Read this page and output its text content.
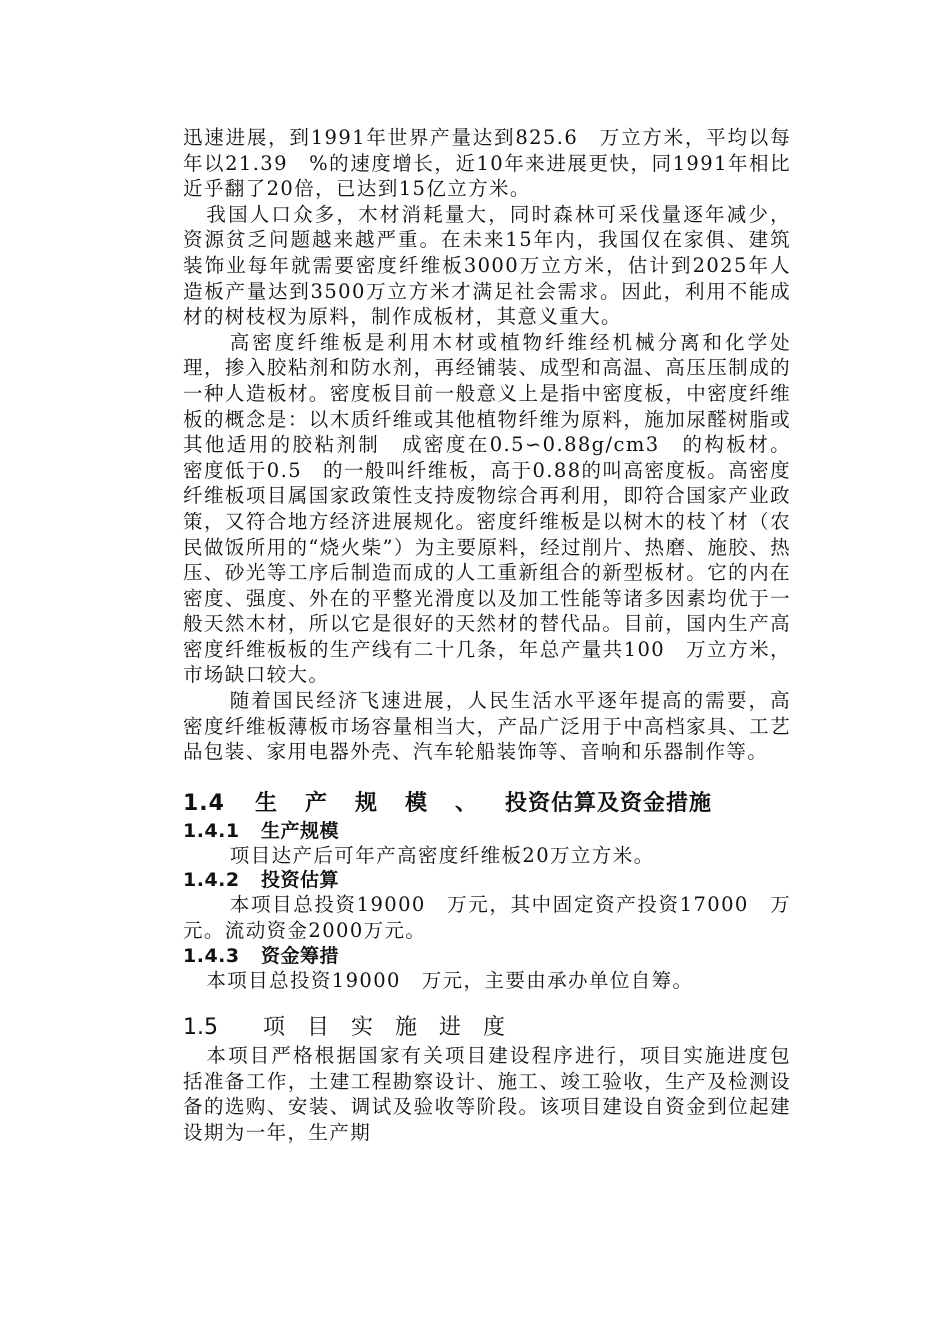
迅速进展，到1991年世界产量达到825.6　万立方米，平均以每年以21.39　%的速度增长，近10年来进展更快，同1991年相比近乎翻了20倍，已达到15亿立方米。

我国人口众多，木材消耗量大，同时森林可采伐量逐年减少，资源贫乏问题越来越严重。在未来15年内，我国仅在家俱、建筑装饰业每年就需要密度纤维板3000万立方米，估计到2025年人造板产量达到3500万立方米才满足社会需求。因此，利用不能成材的树枝杈为原料，制作成板材，其意义重大。

高密度纤维板是利用木材或植物纤维经机械分离和化学处理，掺入胶粘剂和防水剂，再经铺装、成型和高温、高压压制成的一种人造板材。密度板目前一般意义上是指中密度板，中密度纤维板的概念是：以木质纤维或其他植物纤维为原料，施加尿醛树脂或其他适用的胶粘剂制　成密度在0.5∽0.88g/cm3　的构板材。密度低于0.5　的一般叫纤维板，高于0.88的叫高密度板。高密度纤维板项目属国家政策性支持废物综合再利用，即符合国家产业政策，又符合地方经济进展规化。密度纤维板是以树木的枝丫材（农民做饭所用的“烧火柴”）为主要原料，经过削片、热磨、施胶、热压、砂光等工序后制造而成的人工重新组合的新型板材。它的内在密度、强度、外在的平整光滑度以及加工性能等诸多因素均优于一般天然木材，所以它是很好的天然材的替代品。目前，国内生产高密度纤维板板的生产线有二十几条，年总产量共100　万立方米，市场缺口较大。

随着国民经济飞速进展，人民生活水平逐年提高的需要，高密度纤维板薄板市场容量相当大，产品广泛用于中高档家具、工艺品包装、家用电器外壳、汽车轮船装饰等、音响和乐器制作等。

1.4 生产规模、投资估算及资金措施
1.4.1 生产规模

项目达产后可年产高密度纤维板20万立方米。

1.4.2 投资估算

本项目总投资19000　万元，其中固定资产投资17000　万元。流动资金2000万元。

1.4.3 资金筹措

本项目总投资19000　万元，主要由承办单位自筹。

1.5 项目实施进度

本项目严格根据国家有关项目建设程序进行，项目实施进度包括准备工作，土建工程勘察设计、施工、竣工验收，生产及检测设备的选购、安装、调试及验收等阶段。该项目建设自资金到位起建设期为一年，生产期
